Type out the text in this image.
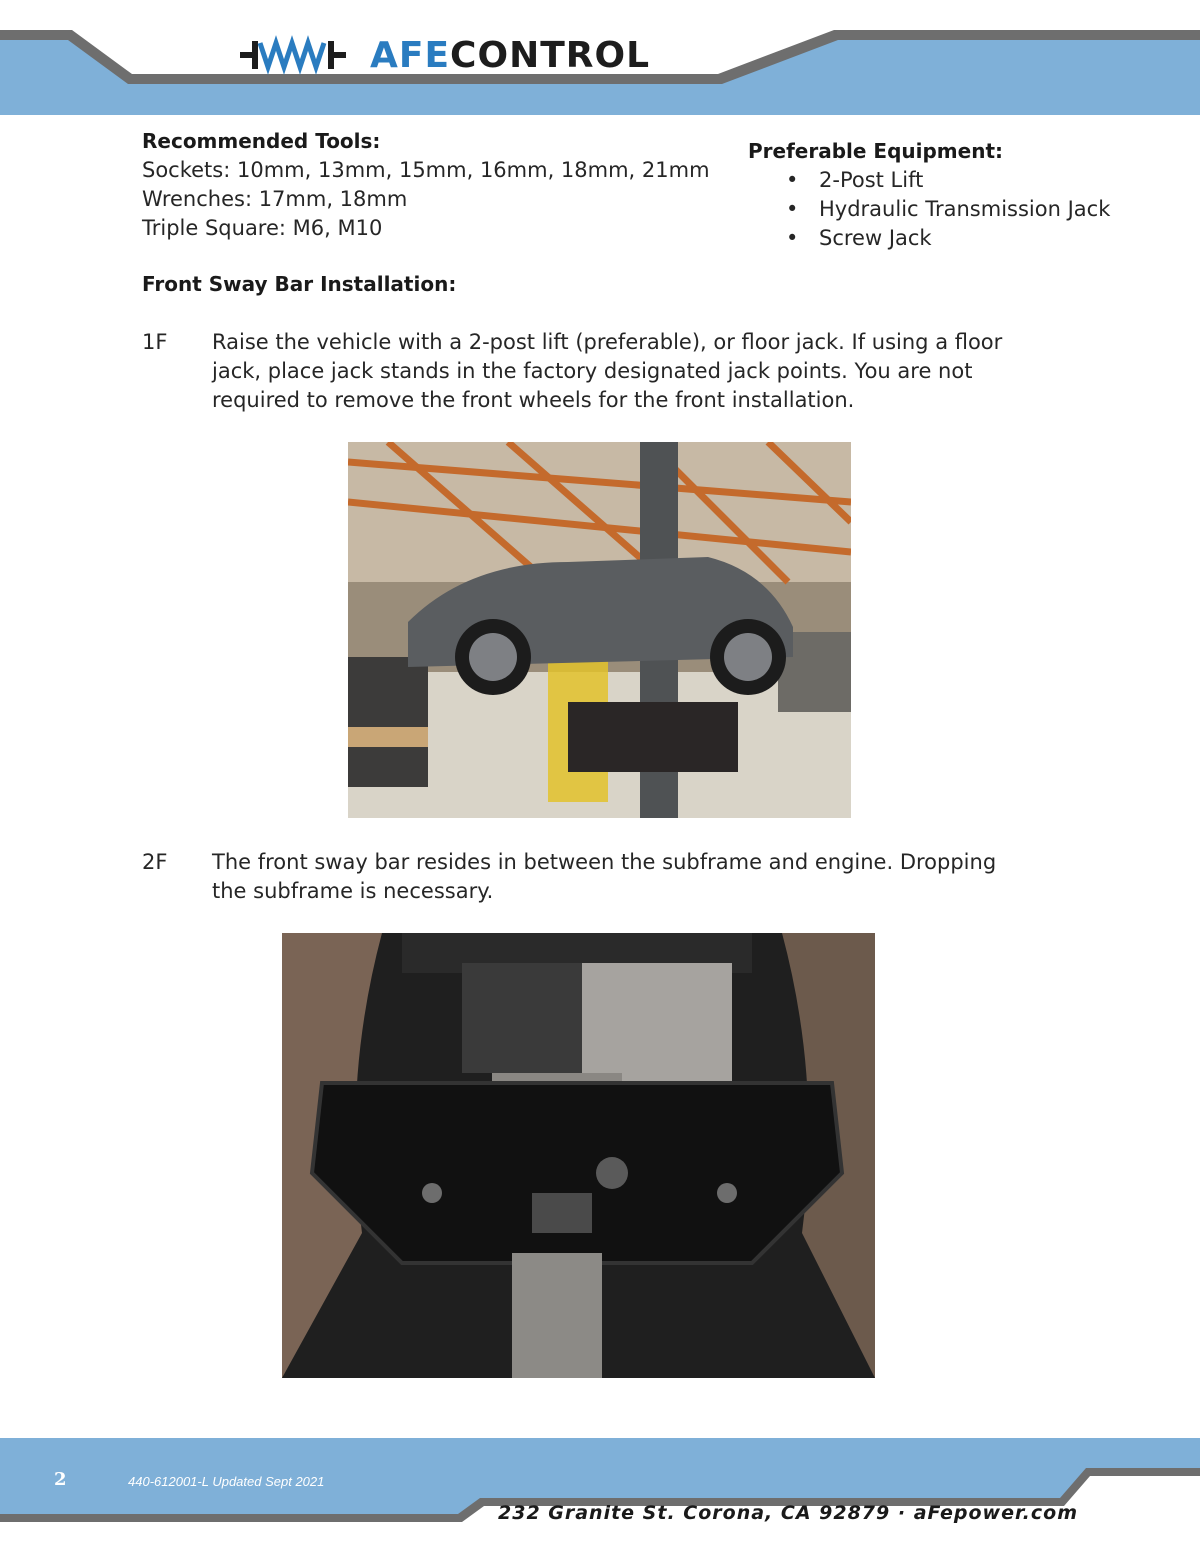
AFECONTROL
Recommended Tools:
Sockets: 10mm, 13mm, 15mm, 16mm, 18mm, 21mm
Wrenches: 17mm, 18mm
Triple Square: M6, M10
Preferable Equipment:
• 2-Post Lift
• Hydraulic Transmission Jack
• Screw Jack
Front Sway Bar Installation:
1F	Raise the vehicle with a 2-post lift (preferable), or floor jack. If using a floor
jack, place jack stands in the factory designated jack points. You are not
required to remove the front wheels for the front installation.
2F	The front sway bar resides in between the subframe and engine. Dropping
the subframe is necessary.
2	440-612001-L Updated Sept 2021
232 Granite St. Corona, CA 92879 · aFepower.com
